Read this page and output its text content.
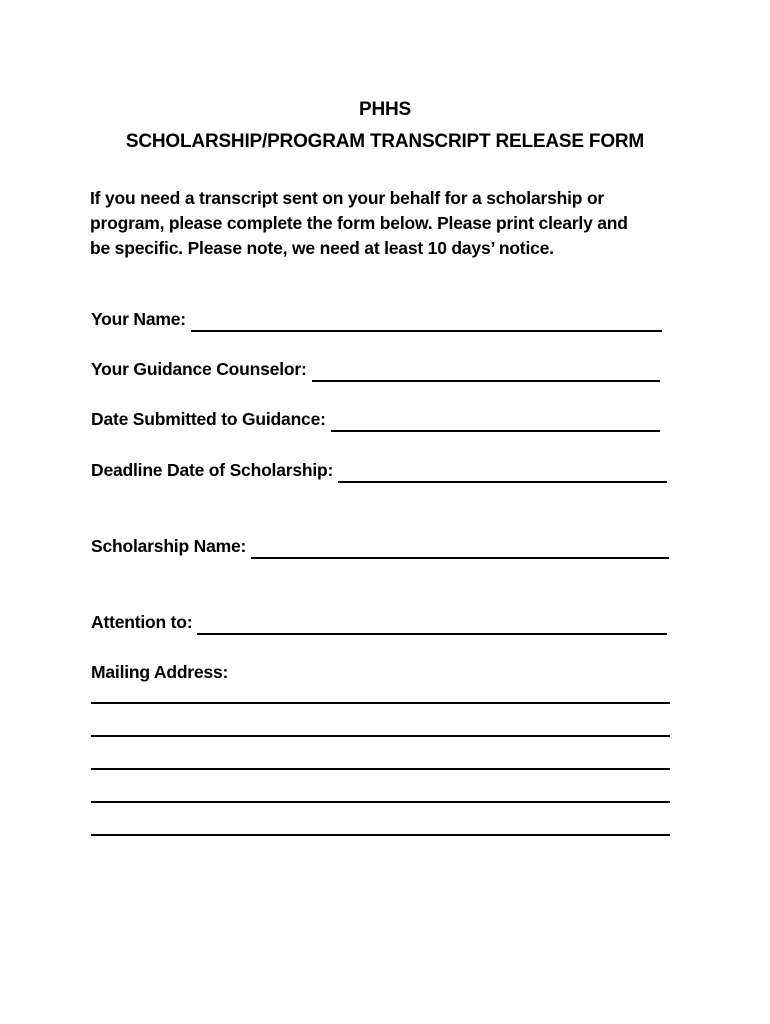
PHHS
SCHOLARSHIP/PROGRAM TRANSCRIPT RELEASE FORM

If you need a transcript sent on your behalf for a scholarship or
program, please complete the form below. Please print clearly and
be specific. Please note, we need at least 10 days’ notice.

Your Name:
Your Guidance Counselor:
Date Submitted to Guidance:
Deadline Date of Scholarship:
Scholarship Name:
Attention to:
Mailing Address:
